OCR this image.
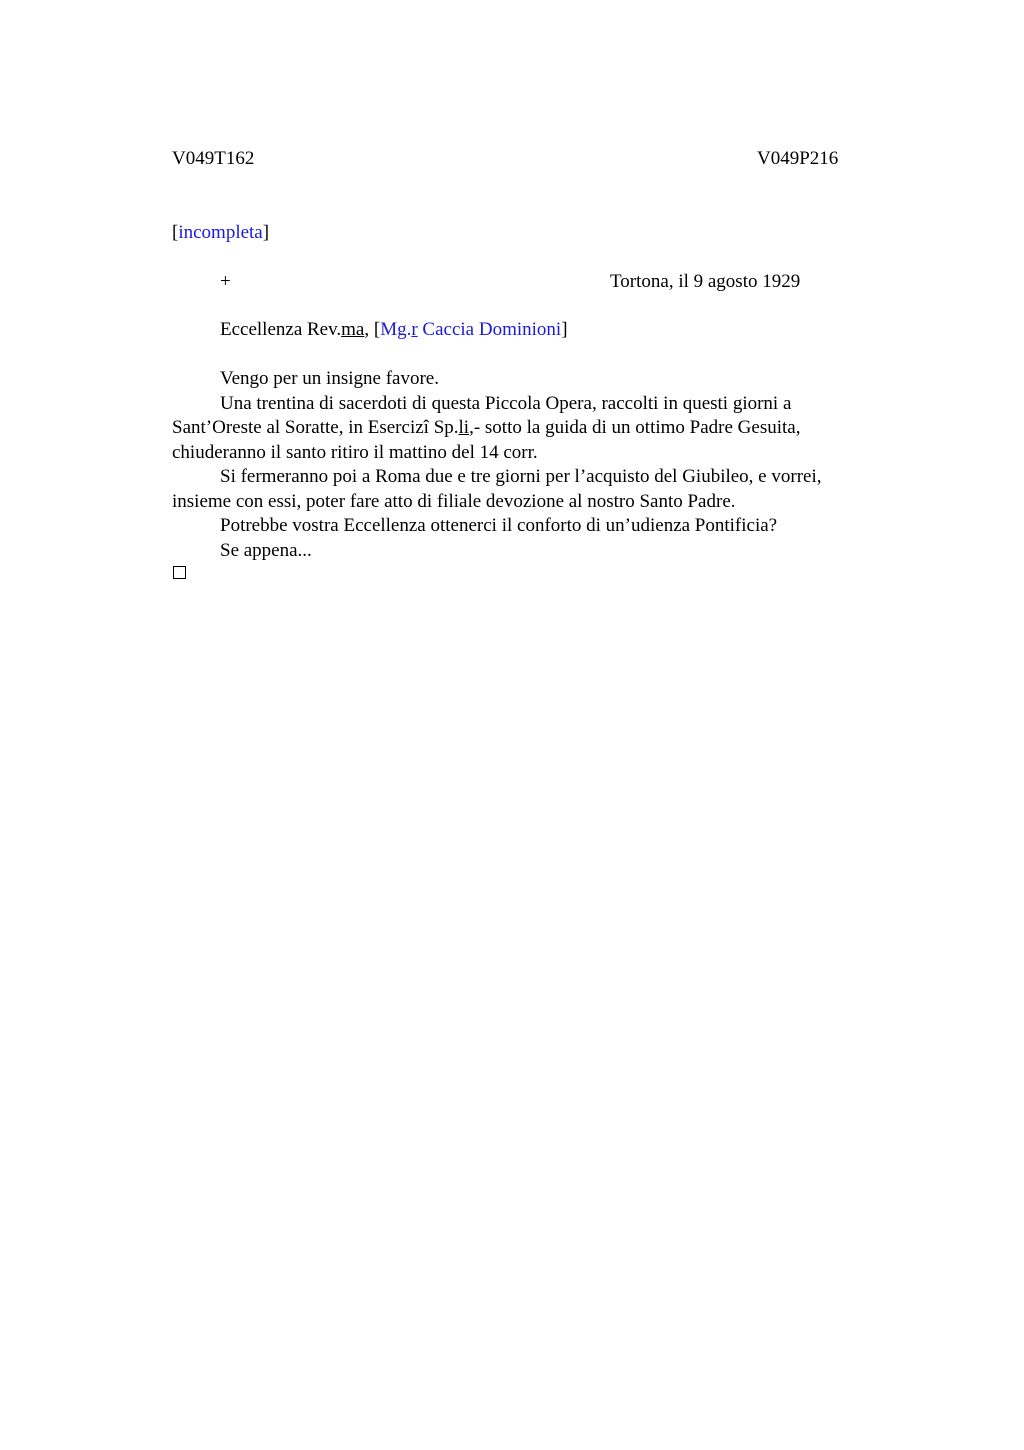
V049T162	V049P216
[incompleta]
+	Tortona, il 9 agosto 1929
Eccellenza Rev.ma, [Mg.r Caccia Dominioni]
Vengo per un insigne favore.
Una trentina di sacerdoti di questa Piccola Opera, raccolti in questi giorni a Sant’Oreste al Soratte, in Esercizi Sp.li,- sotto la guida di un ottimo Padre Gesuita, chiuderanno il santo ritiro il mattino del 14 corr.
Si fermeranno poi a Roma due e tre giorni per l’acquisto del Giubileo, e vorrei, insieme con essi, poter fare atto di filiale devozione al nostro Santo Padre.
Potrebbe vostra Eccellenza ottenerci il conforto di un’udienza Pontificia?
Se appena...
